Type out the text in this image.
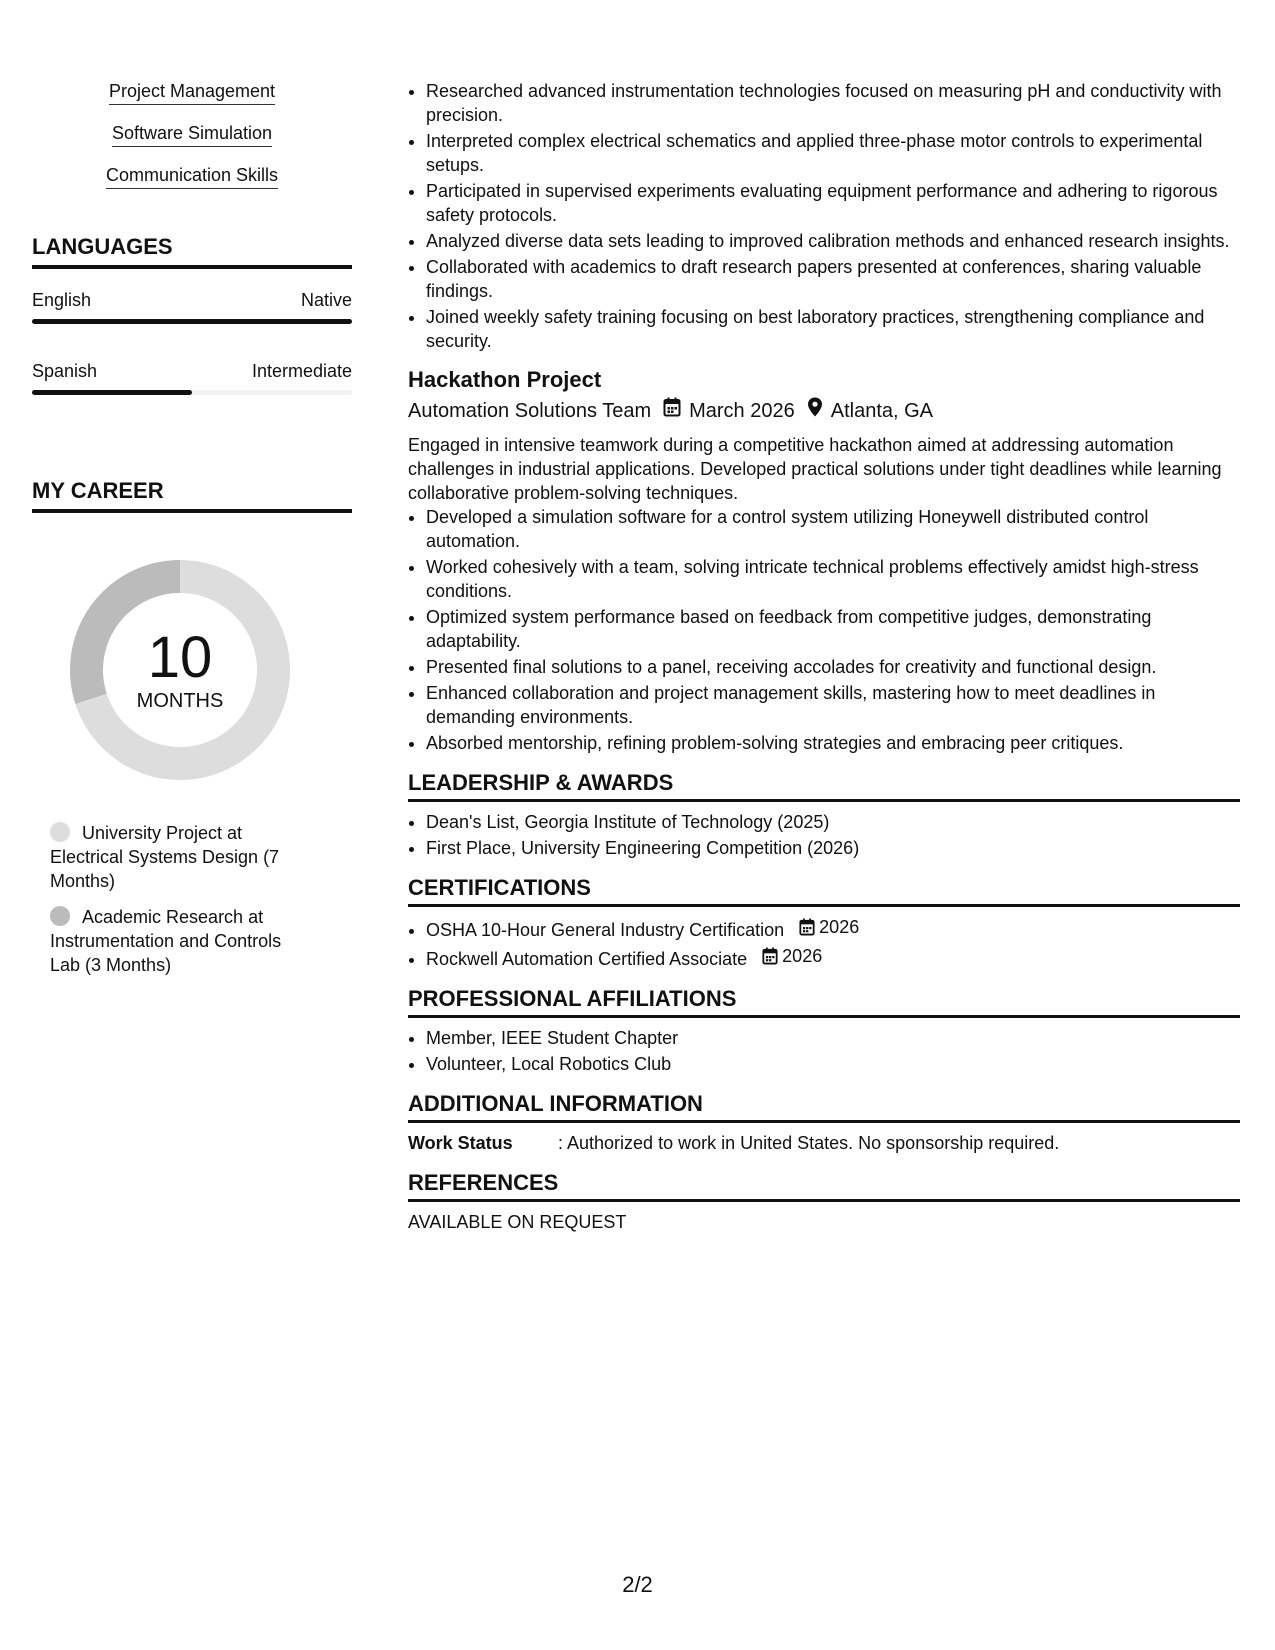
Project Management
Software Simulation
Communication Skills
LANGUAGES
English	Native
Spanish	Intermediate
MY CAREER
10
MONTHS
University Project at Electrical Systems Design (7 Months)
Academic Research at Instrumentation and Controls Lab (3 Months)
• Researched advanced instrumentation technologies focused on measuring pH and conductivity with precision.
• Interpreted complex electrical schematics and applied three-phase motor controls to experimental setups.
• Participated in supervised experiments evaluating equipment performance and adhering to rigorous safety protocols.
• Analyzed diverse data sets leading to improved calibration methods and enhanced research insights.
• Collaborated with academics to draft research papers presented at conferences, sharing valuable findings.
• Joined weekly safety training focusing on best laboratory practices, strengthening compliance and security.
Hackathon Project
Automation Solutions Team March 2026 Atlanta, GA
Engaged in intensive teamwork during a competitive hackathon aimed at addressing automation challenges in industrial applications. Developed practical solutions under tight deadlines while learning collaborative problem-solving techniques.
• Developed a simulation software for a control system utilizing Honeywell distributed control automation.
• Worked cohesively with a team, solving intricate technical problems effectively amidst high-stress conditions.
• Optimized system performance based on feedback from competitive judges, demonstrating adaptability.
• Presented final solutions to a panel, receiving accolades for creativity and functional design.
• Enhanced collaboration and project management skills, mastering how to meet deadlines in demanding environments.
• Absorbed mentorship, refining problem-solving strategies and embracing peer critiques.
LEADERSHIP & AWARDS
• Dean's List, Georgia Institute of Technology (2025)
• First Place, University Engineering Competition (2026)
CERTIFICATIONS
• OSHA 10-Hour General Industry Certification 2026
• Rockwell Automation Certified Associate 2026
PROFESSIONAL AFFILIATIONS
• Member, IEEE Student Chapter
• Volunteer, Local Robotics Club
ADDITIONAL INFORMATION
Work Status	: Authorized to work in United States. No sponsorship required.
REFERENCES
AVAILABLE ON REQUEST
2/2
